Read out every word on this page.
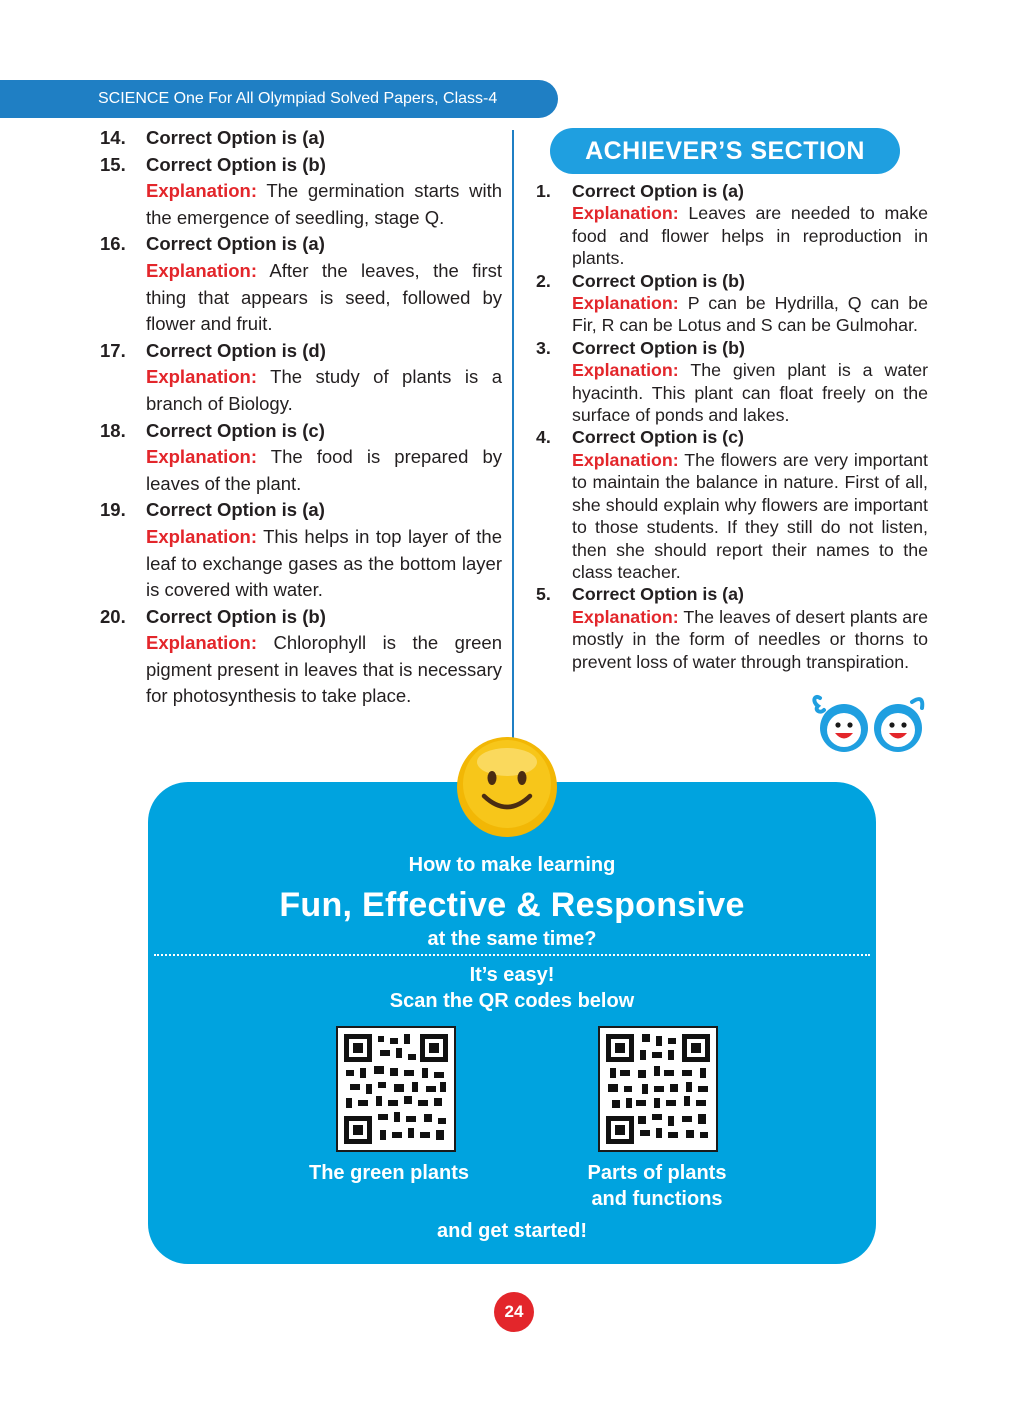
SCIENCE One For All Olympiad Solved Papers, Class-4
14. Correct Option is (a)
15. Correct Option is (b)
Explanation: The germination starts with the emergence of seedling, stage Q.
16. Correct Option is (a)
Explanation: After the leaves, the first thing that appears is seed, followed by flower and fruit.
17. Correct Option is (d)
Explanation: The study of plants is a branch of Biology.
18. Correct Option is (c)
Explanation: The food is prepared by leaves of the plant.
19. Correct Option is (a)
Explanation: This helps in top layer of the leaf to exchange gases as the bottom layer is covered with water.
20. Correct Option is (b)
Explanation: Chlorophyll is the green pigment present in leaves that is necessary for photosynthesis to take place.
ACHIEVER’S SECTION
1. Correct Option is (a)
Explanation: Leaves are needed to make food and flower helps in reproduction in plants.
2. Correct Option is (b)
Explanation: P can be Hydrilla, Q can be Fir, R can be Lotus and S can be Gulmohar.
3. Correct Option is (b)
Explanation: The given plant is a water hyacinth. This plant can float freely on the surface of ponds and lakes.
4. Correct Option is (c)
Explanation: The flowers are very important to maintain the balance in nature. First of all, she should explain why flowers are important to those students. If they still do not listen, then she should report their names to the class teacher.
5. Correct Option is (a)
Explanation: The leaves of desert plants are mostly in the form of needles or thorns to prevent loss of water through transpiration.
How to make learning
Fun, Effective & Responsive
at the same time?
It’s easy!
Scan the QR codes below
The green plants	Parts of plants
and functions
and get started!
24
